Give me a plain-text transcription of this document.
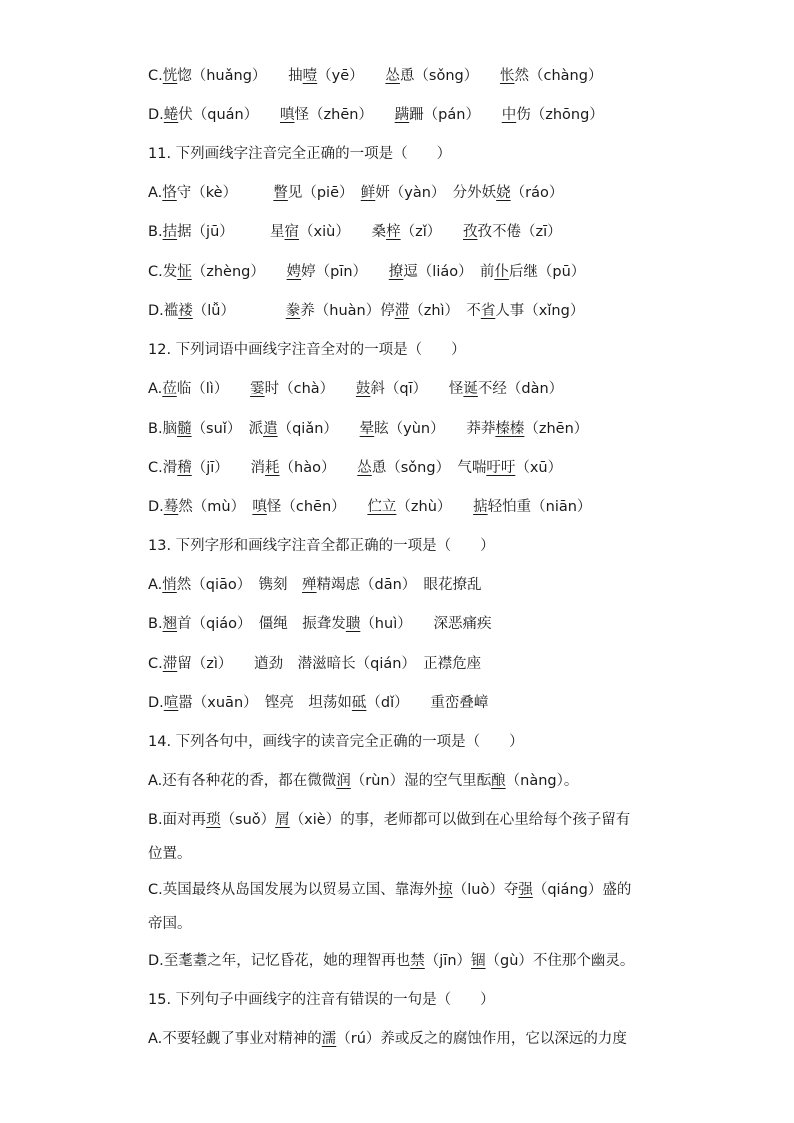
C.恍惚（huǎng）　　抽噎（yē）　　怂恿（sǒng）　　怅然（chàng）
D.蜷伏（quán）　　嗔怪（zhēn）　　蹒跚（pán）　　中伤（zhōng）
11. 下列画线字注音完全正确的一项是（　　）
A.恪守（kè）　　　瞥见（piē）　鲜妍（yàn）　分外妖娆（ráo）
B.拮据（jū）　　　星宿（xiù）　　桑梓（zǐ）　　孜孜不倦（zī）
C.发怔（zhèng）　　娉婷（pīn）　　撩逗（liáo）　前仆后继（pū）
D.褴褛（lǚ）　　　　豢养（huàn）停滞（zhì）　不省人事（xǐng）
12. 下列词语中画线字注音全对的一项是（　　）
A.莅临（lì）　　霎时（chà）　　鼓斜（qī）　　怪诞不经（dàn）
B.脑髓（suǐ）　派遣（qiǎn）　　晕眩（yùn）　　莽莽榛榛（zhēn）
C.滑稽（jī）　　消耗（hào）　　怂恿（sǒng）　气喘吁吁（xū）
D.蓦然（mù）　嗔怪（chēn）　　伫立（zhù）　　掂轻怕重（niān）
13. 下列字形和画线字注音全都正确的一项是（　　）
A.悄然（qiāo）　镌刻　殚精竭虑（dān）　眼花撩乱
B.翘首（qiáo）　僵绳　振聋发聩（huì）　　深恶痛疾
C.滞留（zì）　　遒劲　潜滋暗长（qián）　正襟危座
D.喧嚣（xuān）　铿亮　坦荡如砥（dǐ）　　重峦叠嶂
14. 下列各句中，画线字的读音完全正确的一项是（　　）
A.还有各种花的香，都在微微润（rùn）湿的空气里酝酿（nàng）。
B.面对再琐（suǒ）屑（xiè）的事，老师都可以做到在心里给每个孩子留有
位置。
C.英国最终从岛国发展为以贸易立国、靠海外掠（luò）夺强（qiáng）盛的
帝国。
D.至耄耋之年，记忆昏花，她的理智再也禁（jīn）锢（gù）不住那个幽灵。
15. 下列句子中画线字的注音有错误的一句是（　　）
A.不要轻觑了事业对精神的濡（rú）养或反之的腐蚀作用，它以深远的力度
